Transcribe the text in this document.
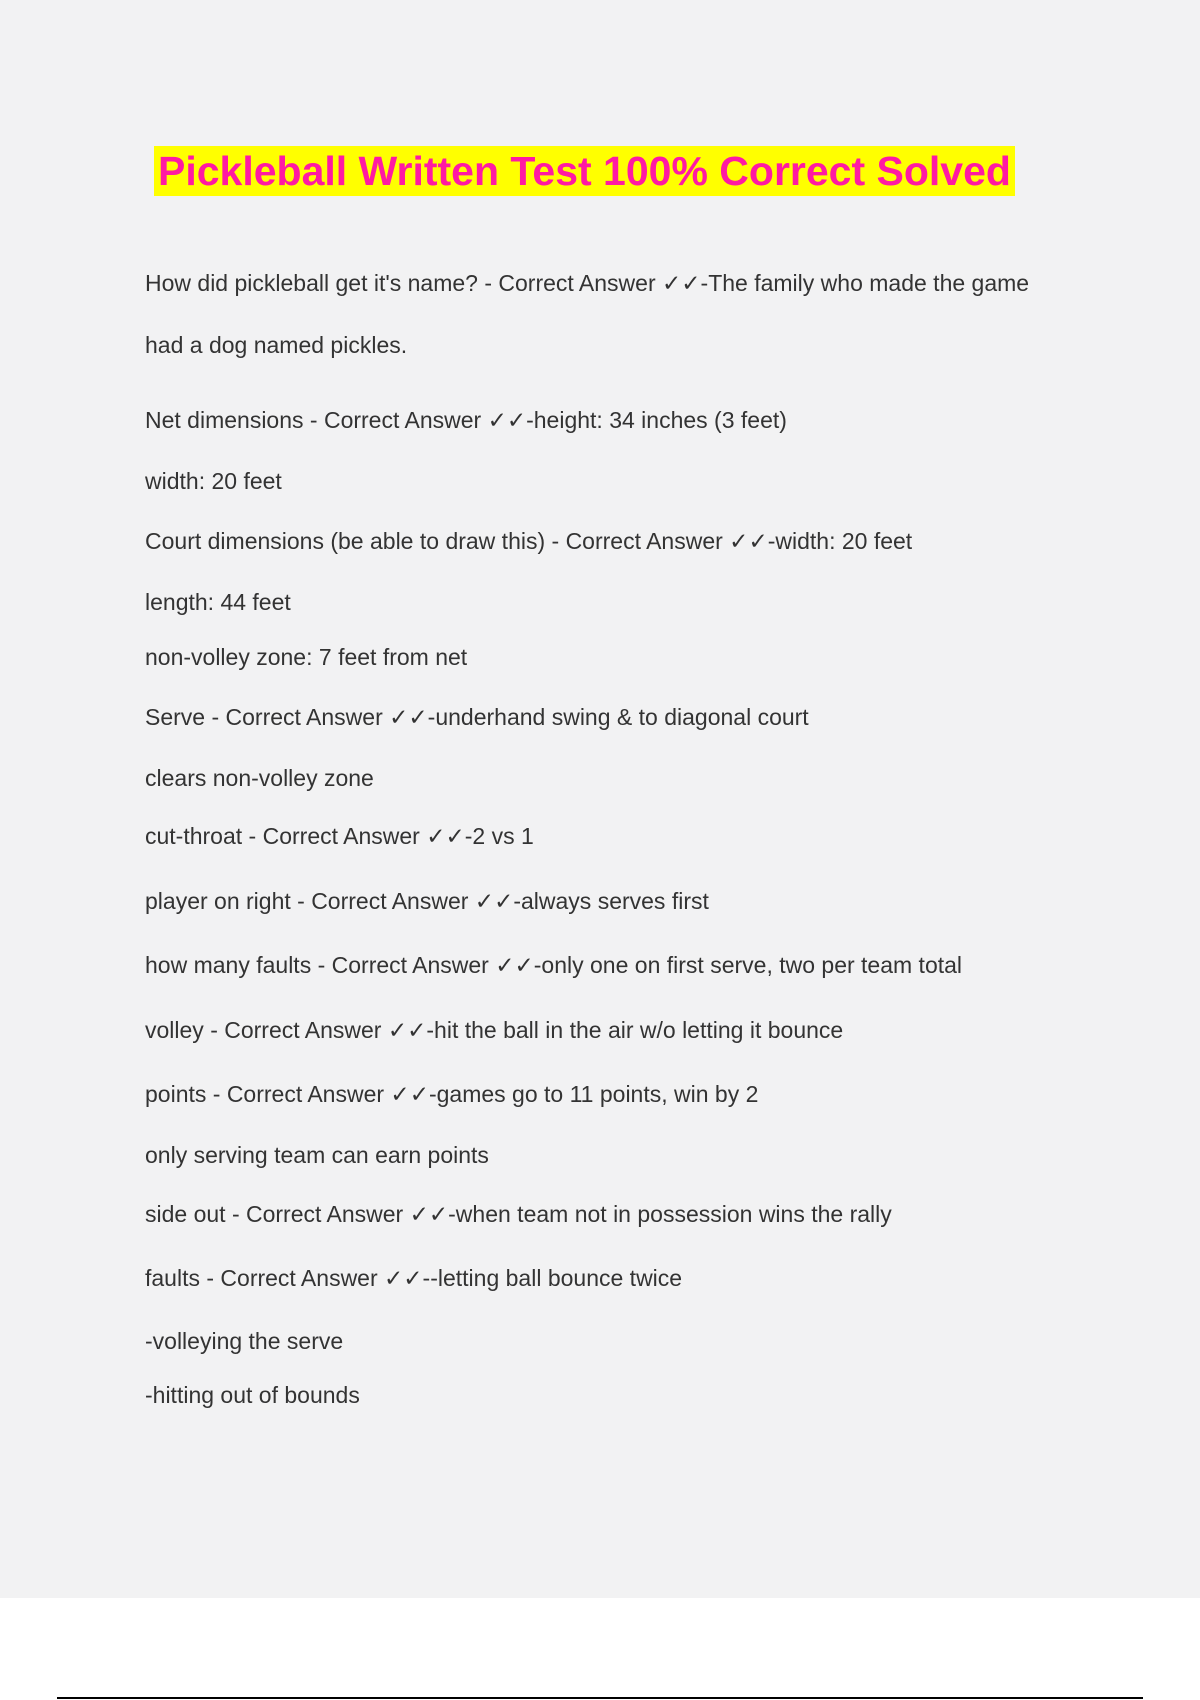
Pickleball Written Test 100% Correct Solved
How did pickleball get it's name? - Correct Answer ✓✓-The family who made the game
had a dog named pickles.
Net dimensions - Correct Answer ✓✓-height: 34 inches (3 feet)
width: 20 feet
Court dimensions (be able to draw this) - Correct Answer ✓✓-width: 20 feet
length: 44 feet
non-volley zone: 7 feet from net
Serve - Correct Answer ✓✓-underhand swing & to diagonal court
clears non-volley zone
cut-throat - Correct Answer ✓✓-2 vs 1
player on right - Correct Answer ✓✓-always serves first
how many faults - Correct Answer ✓✓-only one on first serve, two per team total
volley - Correct Answer ✓✓-hit the ball in the air w/o letting it bounce
points - Correct Answer ✓✓-games go to 11 points, win by 2
only serving team can earn points
side out - Correct Answer ✓✓-when team not in possession wins the rally
faults - Correct Answer ✓✓--letting ball bounce twice
-volleying the serve
-hitting out of bounds
